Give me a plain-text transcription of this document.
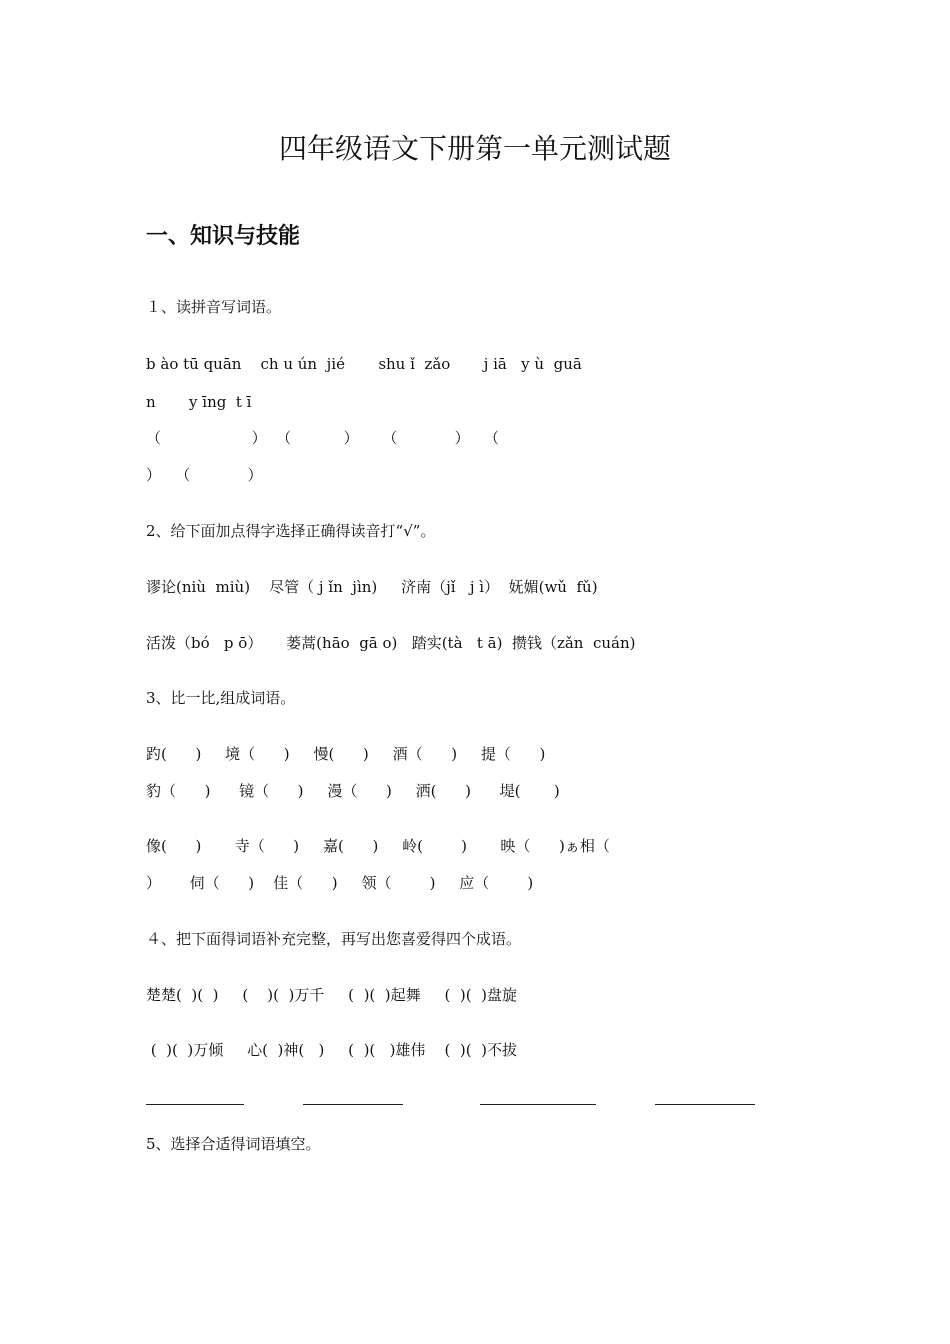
四年级语文下册第一单元测试题
一、知识与技能
１、读拼音写词语。
b ào tū quān    ch u ún  jié       shu ǐ  zǎo       j iā   y ù  guā
n       y īng  t ī
（                   ）  （           ）     （            ）   （
）   （            ）
2、给下面加点得字选择正确得读音打“√”。
谬论(niù  miù)    尽管（ j ǐn  jìn)     济南（jǐ   j ì）  妩媚(wǔ  fǔ)
活泼（bó   p ō）     蒌蒿(hāo  gā o)   踏实(tà   t ā)  攒钱（zǎn  cuán)
3、比一比,组成词语。
趵(      )     境（      )     慢(      )     酒（      )     提（      )
豹（      )      镜（      )     漫（      )     洒(      )      堤(       )
像(      )       寺（      )     嘉(      )     岭(        )       映（      )ぁ相（
）      伺（      )    佳（      )     领（        )     应（        )
４、把下面得词语补充完整，再写出您喜爱得四个成语。
楚楚(  )(  )     (    )(  )万千     (  )(  )起舞     (  )(  )盘旋
(  )(  )万倾     心(  )神(   )     (  )(   )雄伟    (  )(  )不拔
5、选择合适得词语填空。
